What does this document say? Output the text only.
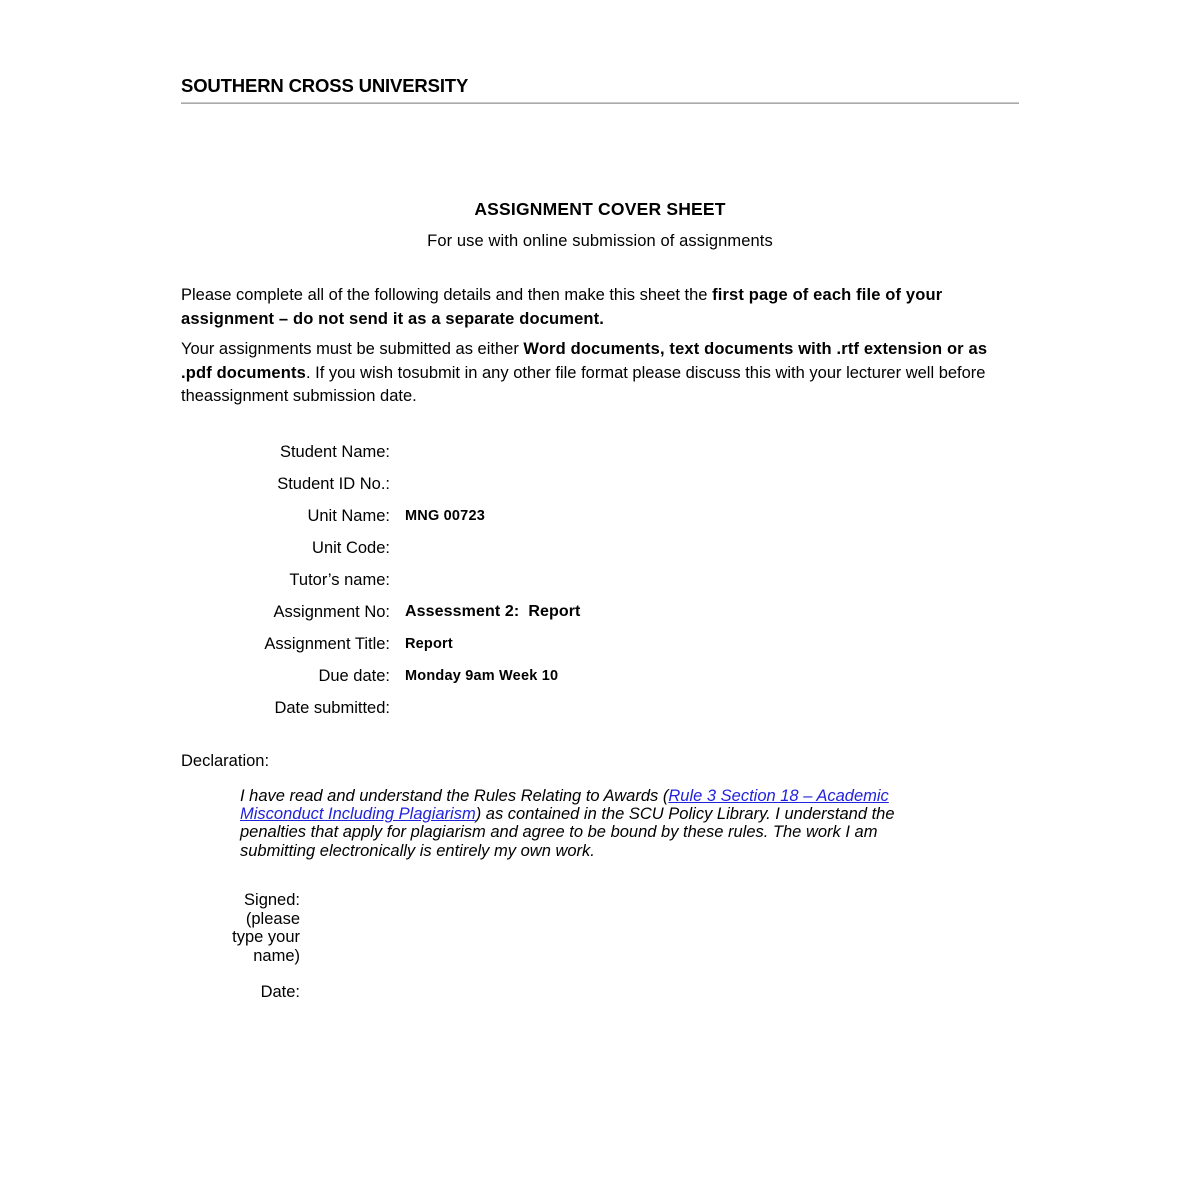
SOUTHERN CROSS UNIVERSITY
ASSIGNMENT COVER SHEET
For use with online submission of assignments
Please complete all of the following details and then make this sheet the first page of each file of your assignment – do not send it as a separate document.
Your assignments must be submitted as either Word documents, text documents with .rtf extension or as .pdf documents. If you wish tosubmit in any other file format please discuss this with your lecturer well before theassignment submission date.
Student Name:
Student ID No.:
Unit Name: MNG 00723
Unit Code:
Tutor’s name:
Assignment No: Assessment 2:  Report
Assignment Title: Report
Due date: Monday 9am Week 10
Date submitted:
Declaration:
I have read and understand the Rules Relating to Awards (Rule 3 Section 18 – Academic Misconduct Including Plagiarism) as contained in the SCU Policy Library. I understand the penalties that apply for plagiarism and agree to be bound by these rules. The work I am submitting electronically is entirely my own work.
Signed:
(please
type your
name)
Date:
